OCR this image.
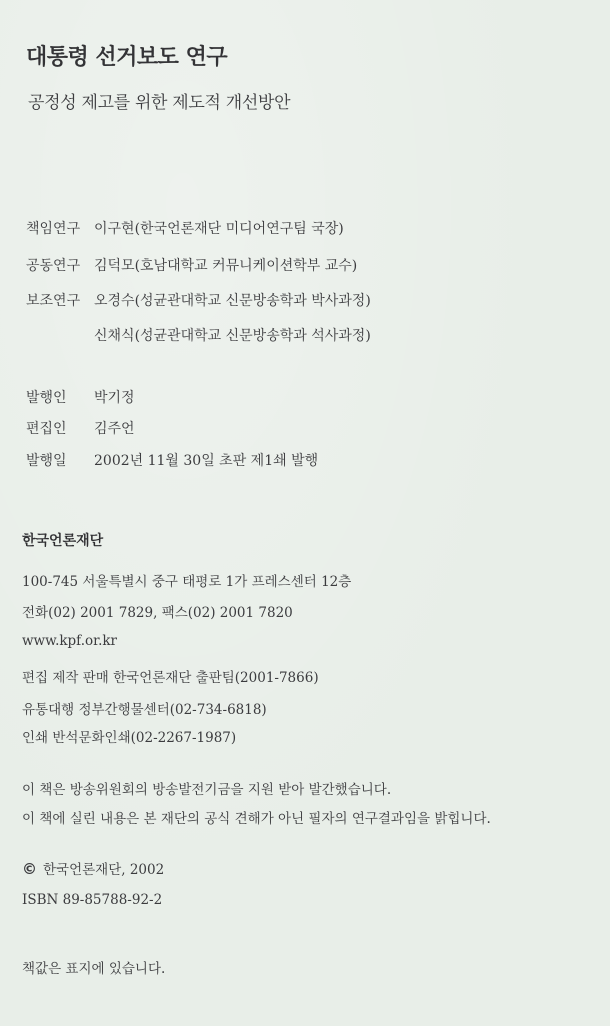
대통령 선거보도 연구
공정성 제고를 위한 제도적 개선방안
책임연구 이구현(한국언론재단 미디어연구팀 국장)
공동연구 김덕모(호남대학교 커뮤니케이션학부 교수)
보조연구 오경수(성균관대학교 신문방송학과 박사과정)
신채식(성균관대학교 신문방송학과 석사과정)
발행인 박기정
편집인 김주언
발행일 2002년 11월 30일 초판 제1쇄 발행
한국언론재단
100-745 서울특별시 중구 태평로 1가 프레스센터 12층
전화(02) 2001 7829, 팩스(02) 2001 7820
www.kpf.or.kr
편집 제작 판매 한국언론재단 출판팀(2001-7866)
유통대행 정부간행물센터(02-734-6818)
인쇄 반석문화인쇄(02-2267-1987)
이 책은 방송위원회의 방송발전기금을 지원 받아 발간했습니다.
이 책에 실린 내용은 본 재단의 공식 견해가 아닌 필자의 연구결과임을 밝힙니다.
© 한국언론재단, 2002
ISBN 89-85788-92-2
책값은 표지에 있습니다.
